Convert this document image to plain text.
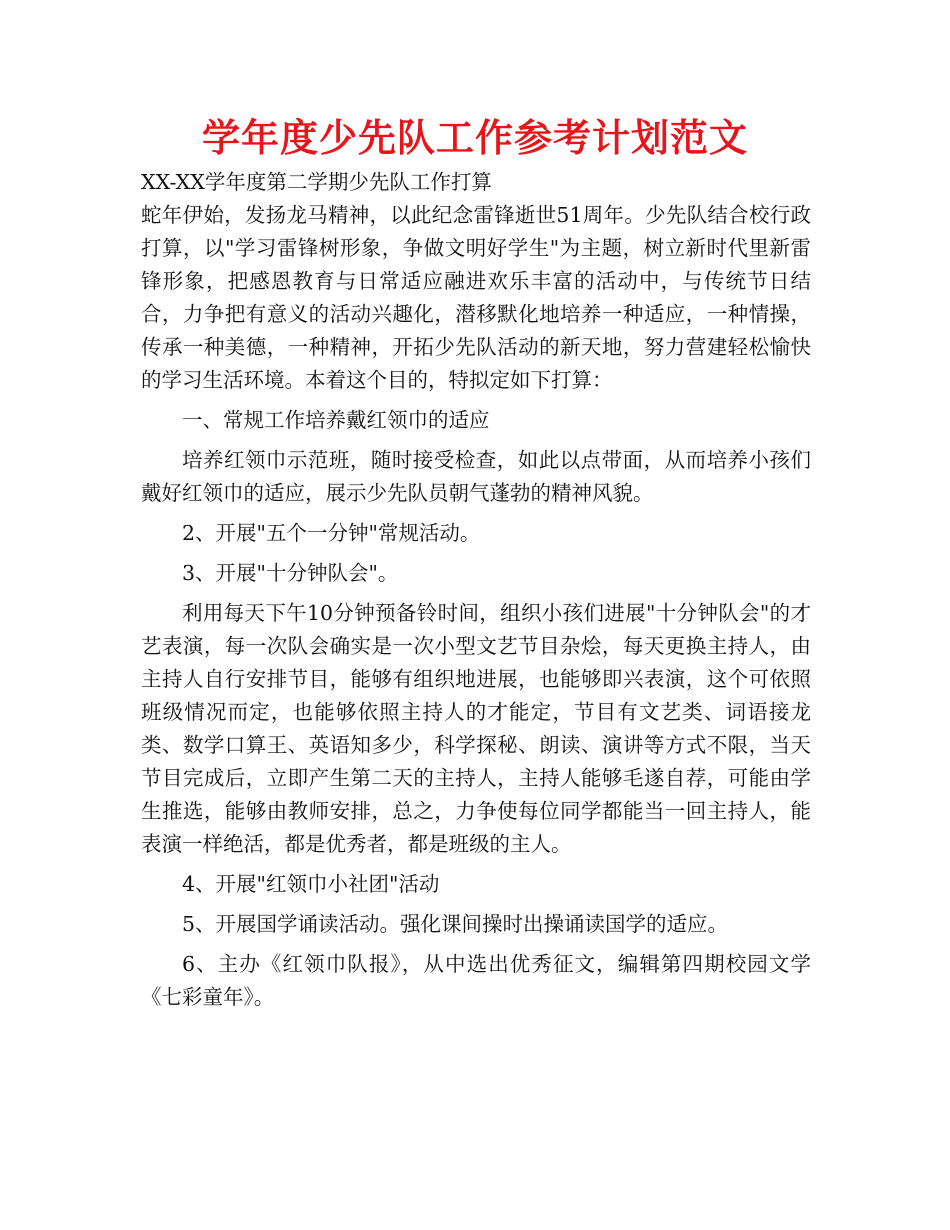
学年度少先队工作参考计划范文

XX-XX学年度第二学期少先队工作打算

蛇年伊始，发扬龙马精神，以此纪念雷锋逝世51周年。少先队结合校行政打算，以"学习雷锋树形象，争做文明好学生"为主题，树立新时代里新雷锋形象，把感恩教育与日常适应融进欢乐丰富的活动中，与传统节日结合，力争把有意义的活动兴趣化，潜移默化地培养一种适应，一种情操，传承一种美德，一种精神，开拓少先队活动的新天地，努力营建轻松愉快的学习生活环境。本着这个目的，特拟定如下打算：

一、常规工作培养戴红领巾的适应

培养红领巾示范班，随时接受检查，如此以点带面，从而培养小孩们戴好红领巾的适应，展示少先队员朝气蓬勃的精神风貌。

2、开展"五个一分钟"常规活动。

3、开展"十分钟队会"。

利用每天下午10分钟预备铃时间，组织小孩们进展"十分钟队会"的才艺表演，每一次队会确实是一次小型文艺节目杂烩，每天更换主持人，由主持人自行安排节目，能够有组织地进展，也能够即兴表演，这个可依照班级情况而定，也能够依照主持人的才能定，节目有文艺类、词语接龙类、数学口算王、英语知多少，科学探秘、朗读、演讲等方式不限，当天节目完成后，立即产生第二天的主持人，主持人能够毛遂自荐，可能由学生推选，能够由教师安排，总之，力争使每位同学都能当一回主持人，能表演一样绝活，都是优秀者，都是班级的主人。

4、开展"红领巾小社团"活动

5、开展国学诵读活动。强化课间操时出操诵读国学的适应。

6、主办《红领巾队报》，从中选出优秀征文，编辑第四期校园文学《七彩童年》。
